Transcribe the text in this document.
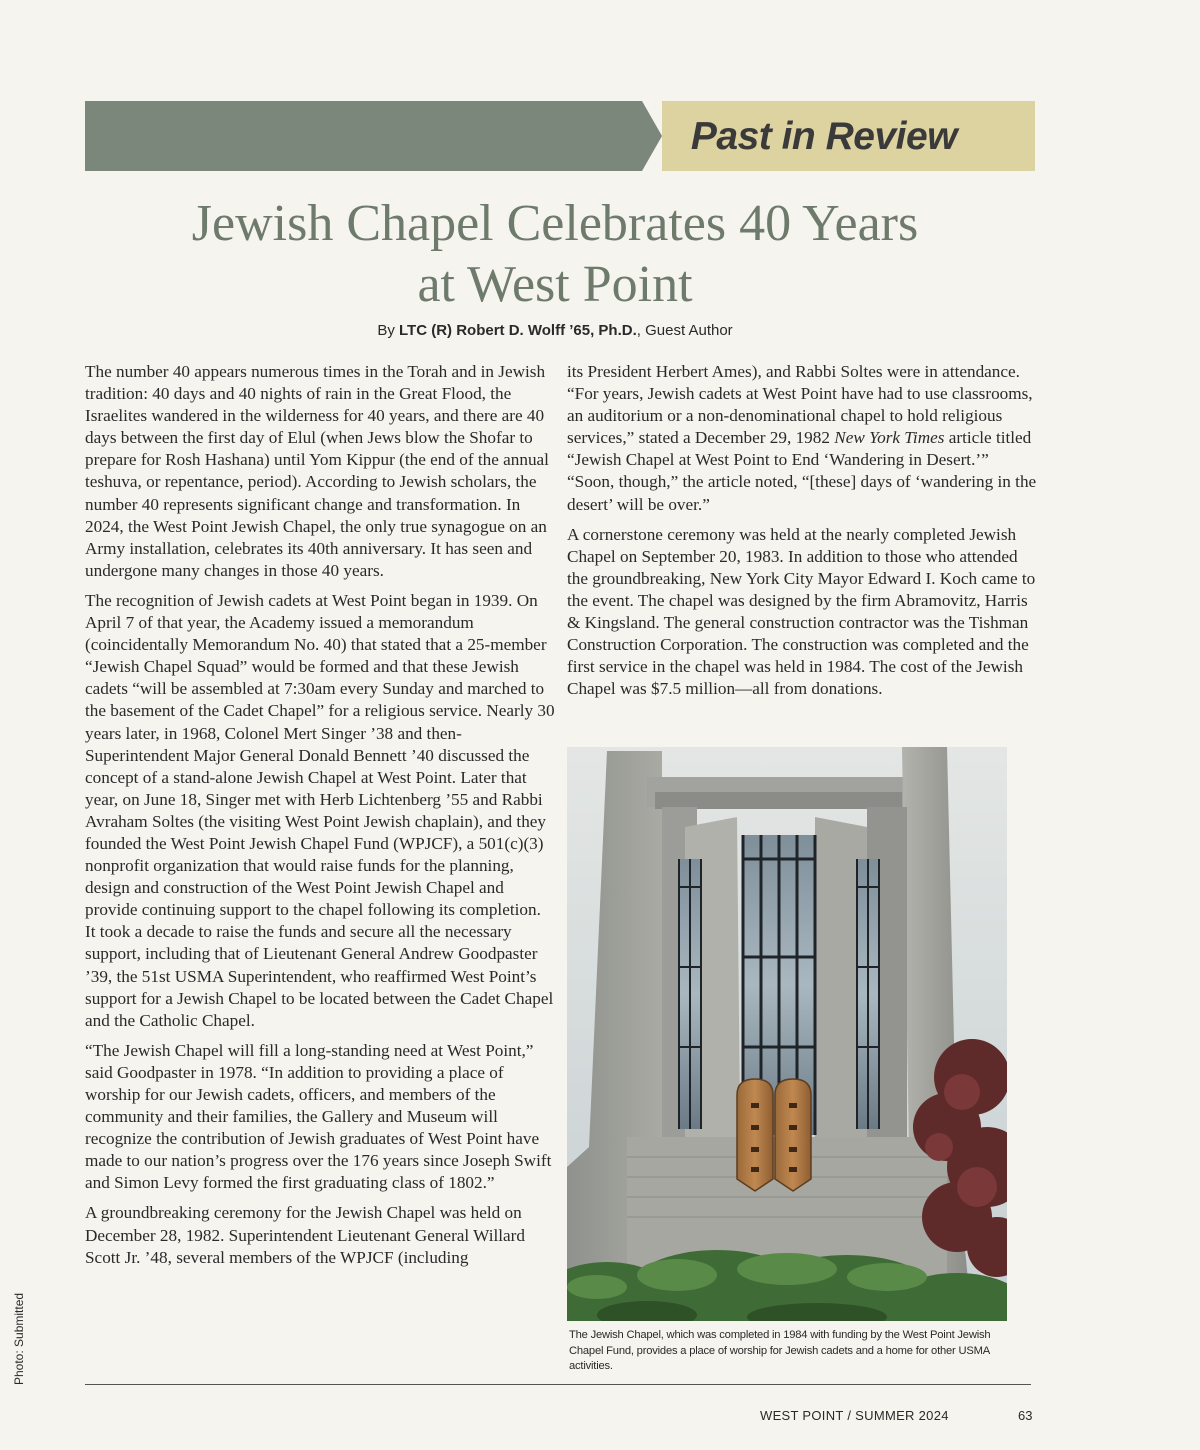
Past in Review
Jewish Chapel Celebrates 40 Years
at West Point
By LTC (R) Robert D. Wolff ’65, Ph.D., Guest Author

The number 40 appears numerous times in the Torah and in Jewish tradition: 40 days and 40 nights of rain in the Great Flood, the Israelites wandered in the wilderness for 40 years, and there are 40 days between the first day of Elul (when Jews blow the Shofar to prepare for Rosh Hashana) until Yom Kippur (the end of the annual teshuva, or repentance, period). According to Jewish scholars, the number 40 represents significant change and transformation. In 2024, the West Point Jewish Chapel, the only true synagogue on an Army installation, celebrates its 40th anniversary. It has seen and undergone many changes in those 40 years.

The recognition of Jewish cadets at West Point began in 1939. On April 7 of that year, the Academy issued a memorandum (coincidentally Memorandum No. 40) that stated that a 25-member “Jewish Chapel Squad” would be formed and that these Jewish cadets “will be assembled at 7:30am every Sunday and marched to the basement of the Cadet Chapel” for a religious service. Nearly 30 years later, in 1968, Colonel Mert Singer ’38 and then-Superintendent Major General Donald Bennett ’40 discussed the concept of a stand-alone Jewish Chapel at West Point. Later that year, on June 18, Singer met with Herb Lichtenberg ’55 and Rabbi Avraham Soltes (the visiting West Point Jewish chaplain), and they founded the West Point Jewish Chapel Fund (WPJCF), a 501(c)(3) nonprofit organization that would raise funds for the planning, design and construction of the West Point Jewish Chapel and provide continuing support to the chapel following its completion. It took a decade to raise the funds and secure all the necessary support, including that of Lieutenant General Andrew Goodpaster ’39, the 51st USMA Superintendent, who reaffirmed West Point’s support for a Jewish Chapel to be located between the Cadet Chapel and the Catholic Chapel.

“The Jewish Chapel will fill a long-standing need at West Point,” said Goodpaster in 1978. “In addition to providing a place of worship for our Jewish cadets, officers, and members of the community and their families, the Gallery and Museum will recognize the contribution of Jewish graduates of West Point have made to our nation’s progress over the 176 years since Joseph Swift and Simon Levy formed the first graduating class of 1802.”

A groundbreaking ceremony for the Jewish Chapel was held on December 28, 1982. Superintendent Lieutenant General Willard Scott Jr. ’48, several members of the WPJCF (including

its President Herbert Ames), and Rabbi Soltes were in attendance. “For years, Jewish cadets at West Point have had to use classrooms, an auditorium or a non-denominational chapel to hold religious services,” stated a December 29, 1982 New York Times article titled “Jewish Chapel at West Point to End ‘Wandering in Desert.’” “Soon, though,” the article noted, “[these] days of ‘wandering in the desert’ will be over.”

A cornerstone ceremony was held at the nearly completed Jewish Chapel on September 20, 1983. In addition to those who attended the groundbreaking, New York City Mayor Edward I. Koch came to the event. The chapel was designed by the firm Abramovitz, Harris & Kingsland. The general construction contractor was the Tishman Construction Corporation. The construction was completed and the first service in the chapel was held in 1984. The cost of the Jewish Chapel was $7.5 million—all from donations.

The Jewish Chapel, which was completed in 1984 with funding by the West Point Jewish Chapel Fund, provides a place of worship for Jewish cadets and a home for other USMA activities.
Photo: Submitted
WEST POINT / SUMMER 2024	63
